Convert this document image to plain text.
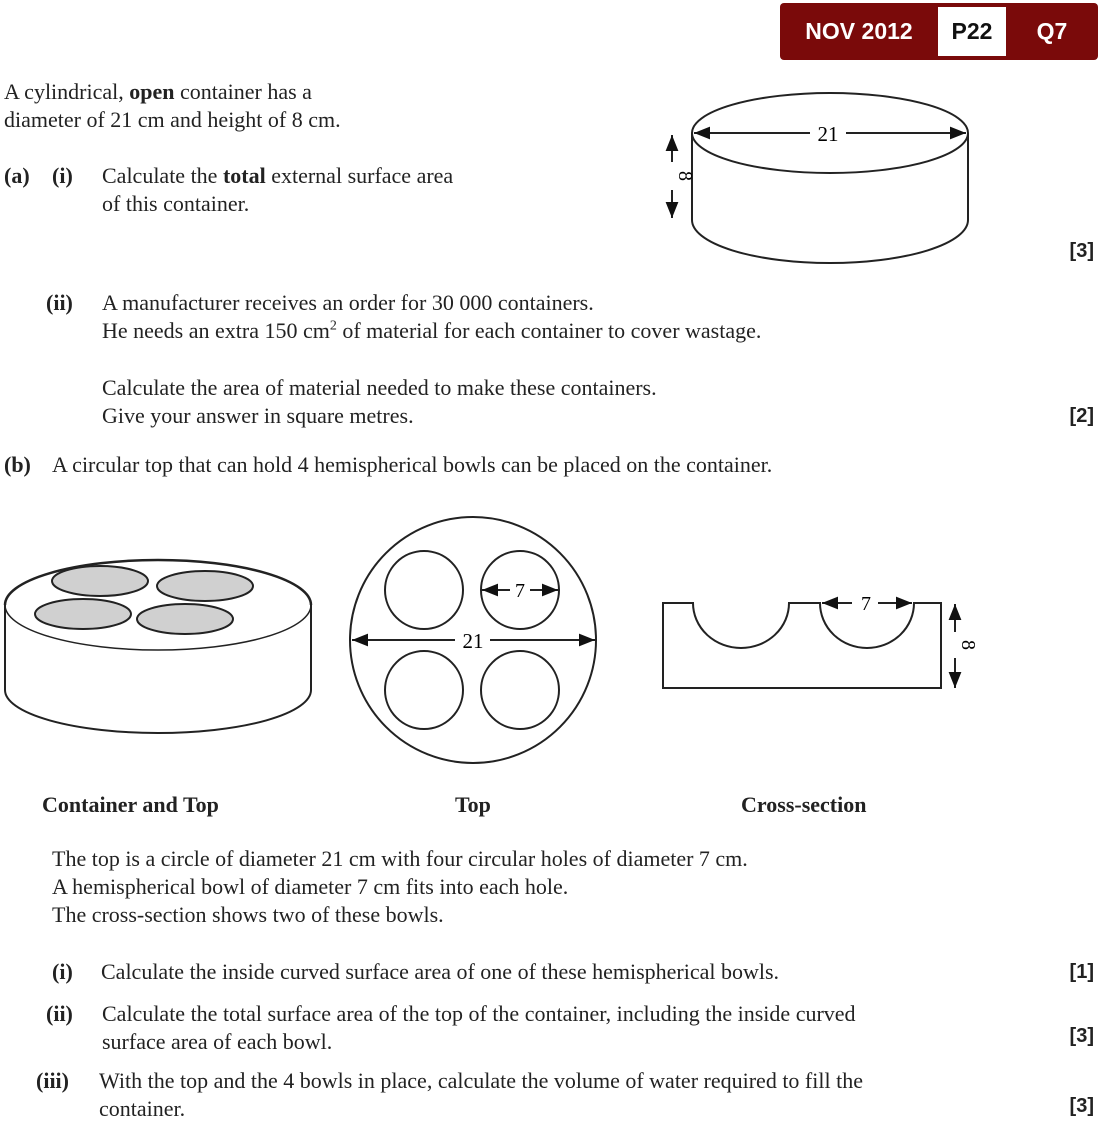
NOV 2012	P22	Q7
A cylindrical, open container has a
diameter of 21 cm and height of 8 cm.
(a) (i) Calculate the total external surface area
of this container.
[3]
(ii) A manufacturer receives an order for 30 000 containers.
He needs an extra 150 $cm^2$ of material for each container to cover wastage.
Calculate the area of material needed to make these containers.
Give your answer in square metres.	[2]
(b) A circular top that can hold 4 hemispherical bowls can be placed on the container.
21
8
21
7
7
8
Container and Top	Top	Cross-section
The top is a circle of diameter 21 cm with four circular holes of diameter 7 cm.
A hemispherical bowl of diameter 7 cm fits into each hole.
The cross-section shows two of these bowls.
(i) Calculate the inside curved surface area of one of these hemispherical bowls.	[1]
(ii) Calculate the total surface area of the top of the container, including the inside curved
surface area of each bowl.	[3]
(iii) With the top and the 4 bowls in place, calculate the volume of water required to fill the
container.	[3]
